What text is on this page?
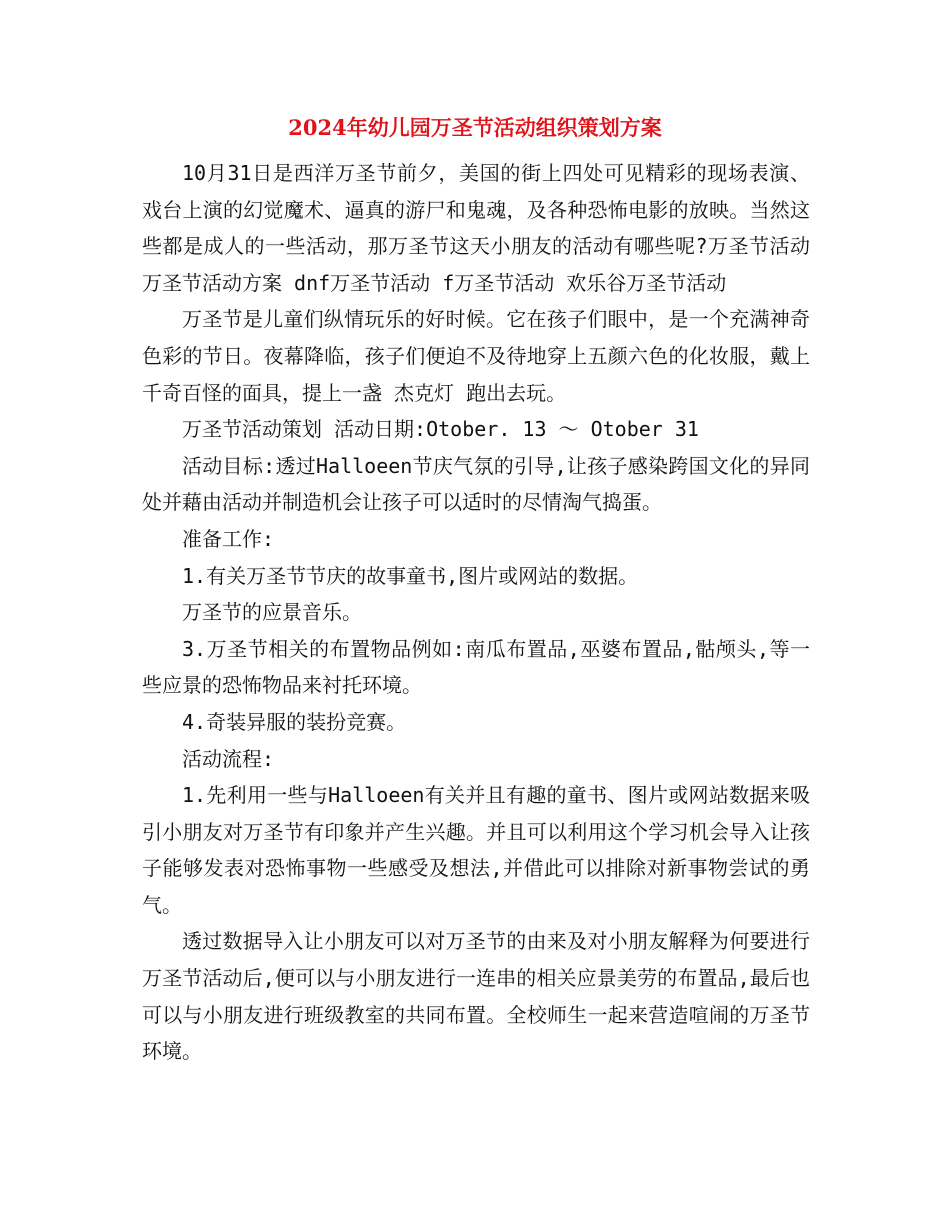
2024年幼儿园万圣节活动组织策划方案

10月31日是西洋万圣节前夕，美国的街上四处可见精彩的现场表演、戏台上演的幻觉魔术、逼真的游尸和鬼魂，及各种恐怖电影的放映。当然这些都是成人的一些活动，那万圣节这天小朋友的活动有哪些呢?万圣节活动 万圣节活动方案 dnf万圣节活动 f万圣节活动 欢乐谷万圣节活动

万圣节是儿童们纵情玩乐的好时候。它在孩子们眼中，是一个充满神奇色彩的节日。夜幕降临，孩子们便迫不及待地穿上五颜六色的化妆服，戴上千奇百怪的面具，提上一盏 杰克灯 跑出去玩。

万圣节活动策划 活动日期:Otober. 13 ～ Otober 31

活动目标:透过Halloeen节庆气氛的引导,让孩子感染跨国文化的异同处并藉由活动并制造机会让孩子可以适时的尽情淘气捣蛋。

准备工作:

1.有关万圣节节庆的故事童书,图片或网站的数据。

万圣节的应景音乐。

3.万圣节相关的布置物品例如:南瓜布置品,巫婆布置品,骷颅头,等一些应景的恐怖物品来衬托环境。

4.奇装异服的装扮竞赛。

活动流程:

1.先利用一些与Halloeen有关并且有趣的童书、图片或网站数据来吸引小朋友对万圣节有印象并产生兴趣。并且可以利用这个学习机会导入让孩子能够发表对恐怖事物一些感受及想法,并借此可以排除对新事物尝试的勇气。

透过数据导入让小朋友可以对万圣节的由来及对小朋友解释为何要进行万圣节活动后,便可以与小朋友进行一连串的相关应景美劳的布置品,最后也可以与小朋友进行班级教室的共同布置。全校师生一起来营造喧闹的万圣节环境。
